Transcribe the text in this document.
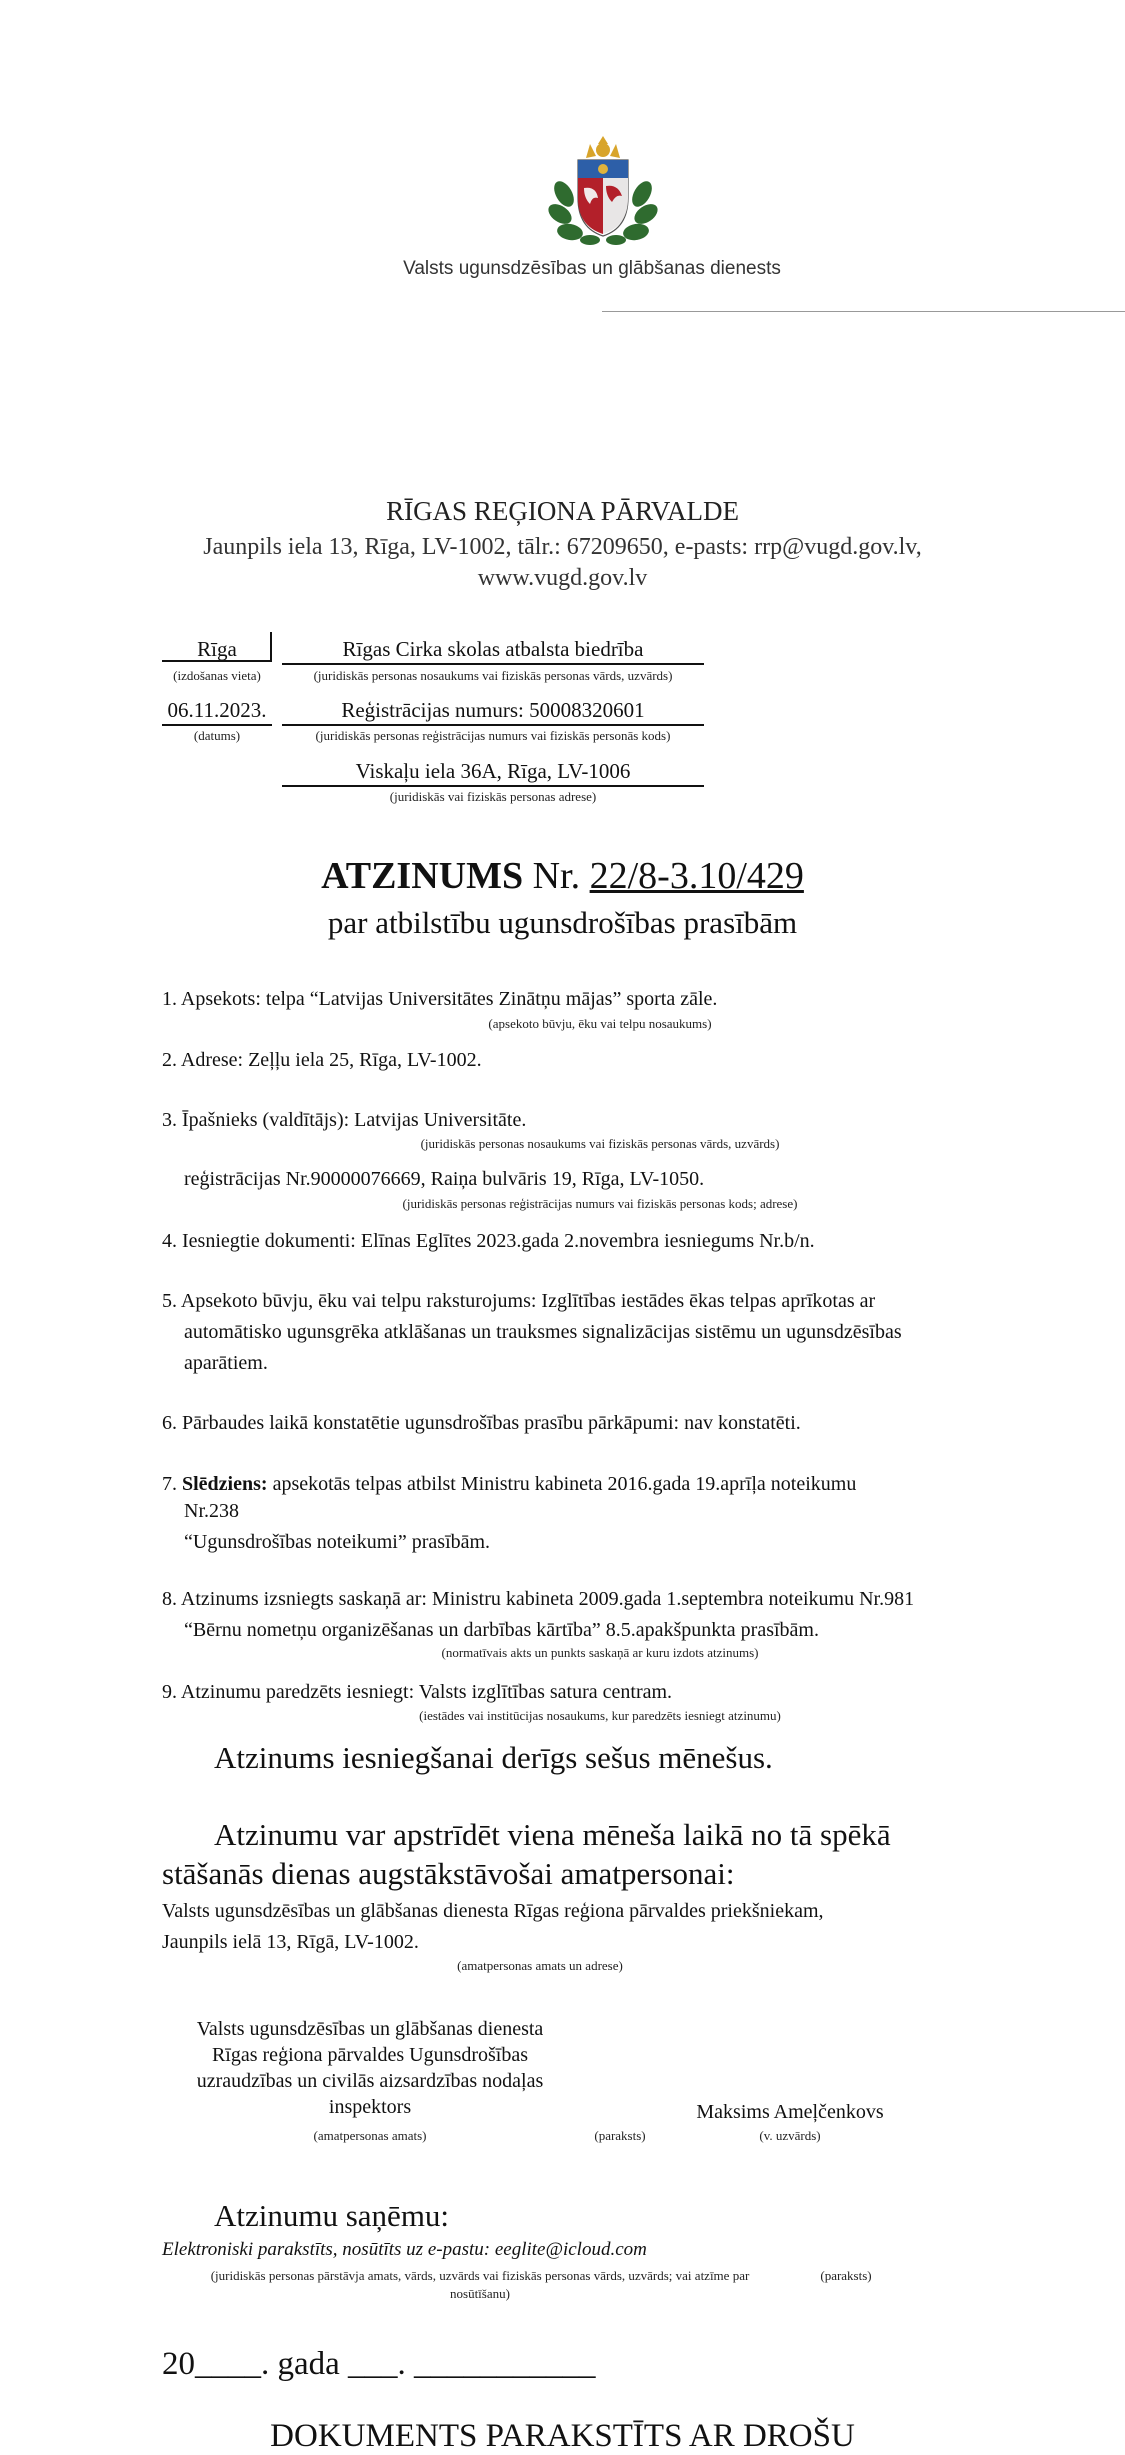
Valsts ugunsdzēsības un glābšanas dienests
RĪGAS REĢIONA PĀRVALDE
Jaunpils iela 13, Rīga, LV-1002, tālr.: 67209650, e-pasts: rrp@vugd.gov.lv,
www.vugd.gov.lv
Rīga
(izdošanas vieta)
06.11.2023.
(datums)
Rīgas Cirka skolas atbalsta biedrība
(juridiskās personas nosaukums vai fiziskās personas vārds, uzvārds)
Reģistrācijas numurs: 50008320601
(juridiskās personas reģistrācijas numurs vai fiziskās personās kods)
Viskaļu iela 36A, Rīga, LV-1006
(juridiskās vai fiziskās personas adrese)
ATZINUMS Nr. 22/8-3.10/429
par atbilstību ugunsdrošības prasībām
1. Apsekots: telpa “Latvijas Universitātes Zinātņu mājas” sporta zāle.
(apsekoto būvju, ēku vai telpu nosaukums)
2. Adrese: Zeļļu iela 25, Rīga, LV-1002.
3. Īpašnieks (valdītājs): Latvijas Universitāte.
(juridiskās personas nosaukums vai fiziskās personas vārds, uzvārds)
reģistrācijas Nr.90000076669, Raiņa bulvāris 19, Rīga, LV-1050.
(juridiskās personas reģistrācijas numurs vai fiziskās personas kods; adrese)
4. Iesniegtie dokumenti: Elīnas Eglītes 2023.gada 2.novembra iesniegums Nr.b/n.
5. Apsekoto būvju, ēku vai telpu raksturojums: Izglītības iestādes ēkas telpas aprīkotas ar
automātisko ugunsgrēka atklāšanas un trauksmes signalizācijas sistēmu un ugunsdzēsības
aparātiem.
6. Pārbaudes laikā konstatētie ugunsdrošības prasību pārkāpumi: nav konstatēti.
7. Slēdziens: apsekotās telpas atbilst Ministru kabineta 2016.gada 19.aprīļa noteikumu
Nr.238
“Ugunsdrošības noteikumi” prasībām.
8. Atzinums izsniegts saskaņā ar: Ministru kabineta 2009.gada 1.septembra noteikumu Nr.981
“Bērnu nometņu organizēšanas un darbības kārtība” 8.5.apakšpunkta prasībām.
(normatīvais akts un punkts saskaņā ar kuru izdots atzinums)
9. Atzinumu paredzēts iesniegt: Valsts izglītības satura centram.
(iestādes vai institūcijas nosaukums, kur paredzēts iesniegt atzinumu)
Atzinums iesniegšanai derīgs sešus mēnešus.
Atzinumu var apstrīdēt viena mēneša laikā no tā spēkā
stāšanās dienas augstākstāvošai amatpersonai:
Valsts ugunsdzēsības un glābšanas dienesta Rīgas reģiona pārvaldes priekšniekam,
Jaunpils ielā 13, Rīgā, LV-1002.
(amatpersonas amats un adrese)
Valsts ugunsdzēsības un glābšanas dienesta
Rīgas reģiona pārvaldes Ugunsdrošības
uzraudzības un civilās aizsardzības nodaļas
inspektors
(amatpersonas amats)	(paraksts)
Maksims Ameļčenkovs
(v. uzvārds)
Atzinumu saņēmu:
Elektroniski parakstīts, nosūtīts uz e-pastu: eeglite@icloud.com
(juridiskās personas pārstāvja amats, vārds, uzvārds vai fiziskās personas vārds, uzvārds; vai atzīme par
nosūtīšanu)
(paraksts)
20____. gada ___. ___________
DOKUMENTS PARAKSTĪTS AR DROŠU
